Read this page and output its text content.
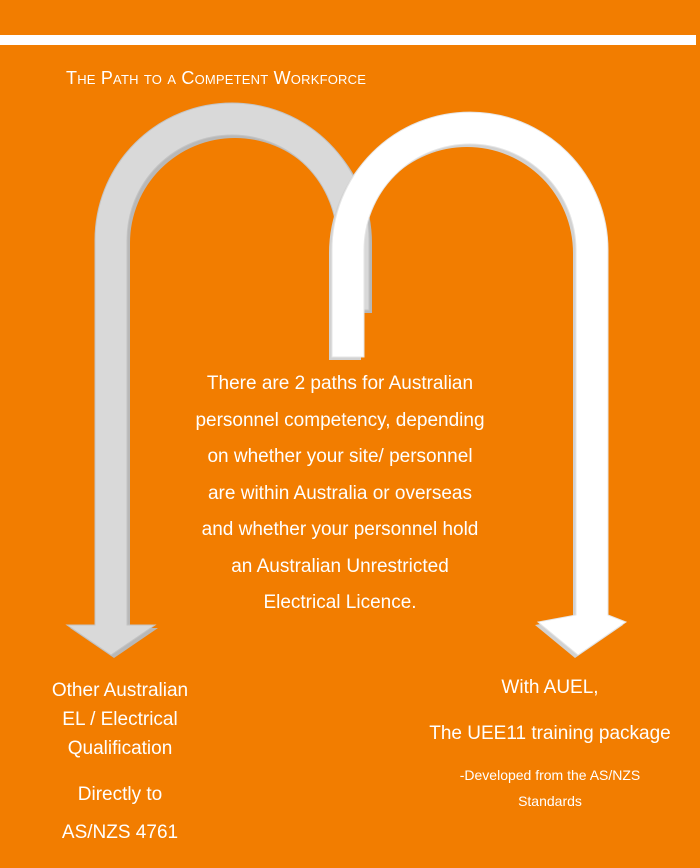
The Path to a Competent Workforce
There are 2 paths for Australian
personnel competency, depending
on whether your site/ personnel
are within Australia or overseas
and whether your personnel hold
an Australian Unrestricted
Electrical Licence.
Other Australian
EL / Electrical
Qualification
Directly to
AS/NZS 4761
With AUEL,
The UEE11 training package
-Developed from the AS/NZS
Standards
